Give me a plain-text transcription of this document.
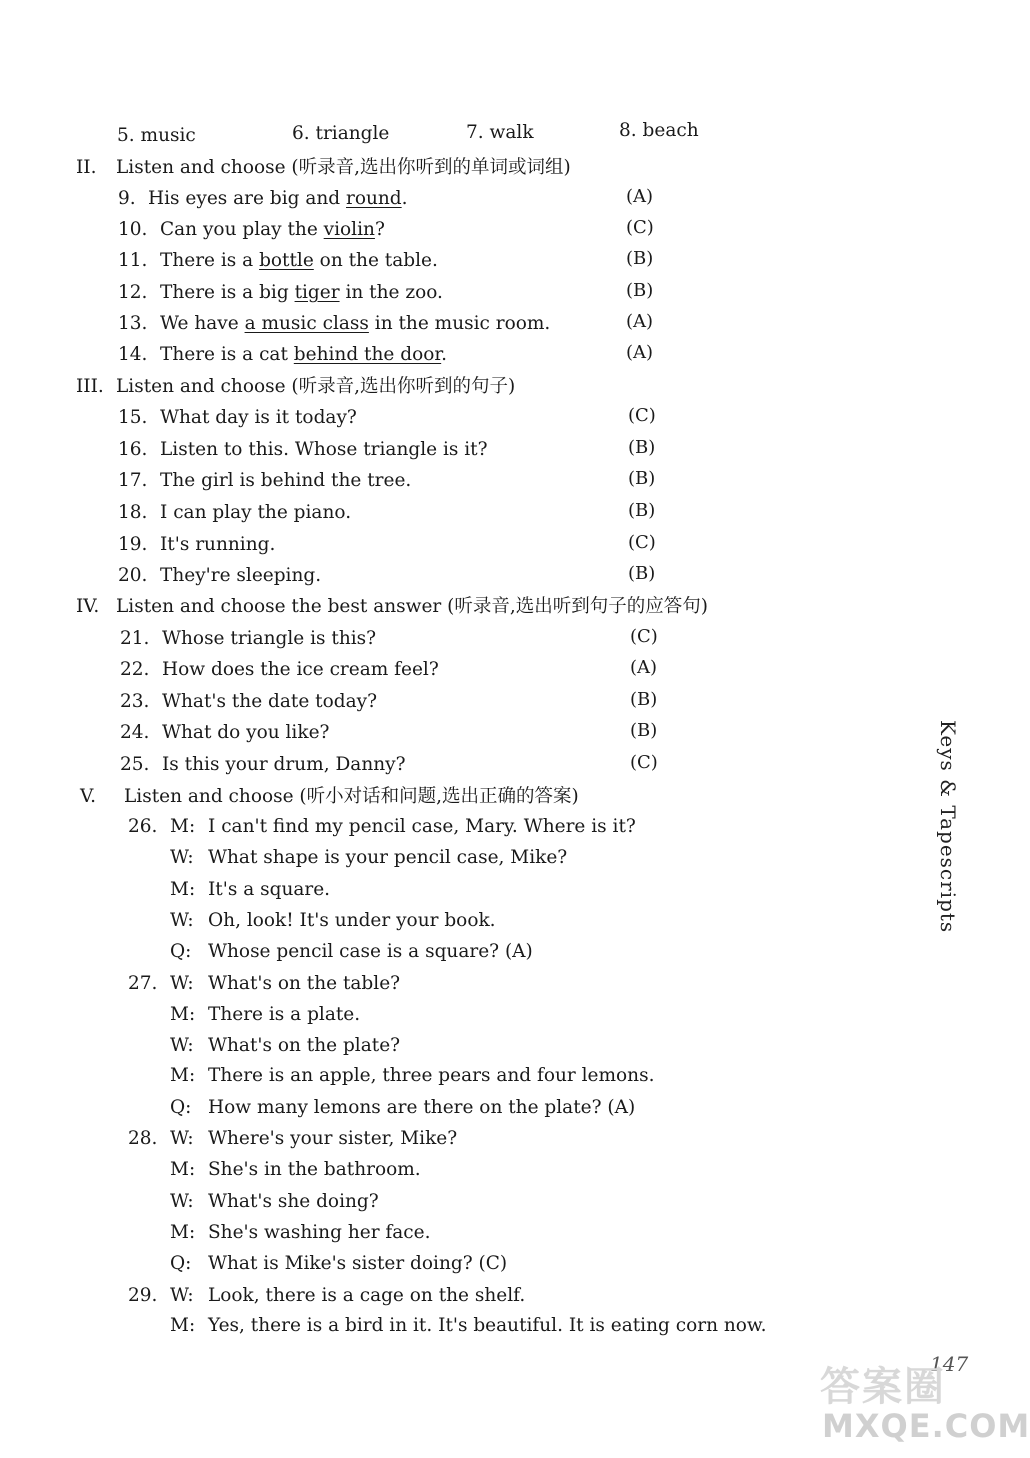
5. music	6. triangle	7. walk	8. beach
II. Listen and choose (听录音,选出你听到的单词或词组)
9. His eyes are big and round.	(A)
10. Can you play the violin?	(C)
11. There is a bottle on the table.	(B)
12. There is a big tiger in the zoo.	(B)
13. We have a music class in the music room.	(A)
14. There is a cat behind the door.	(A)
III. Listen and choose (听录音,选出你听到的句子)
15. What day is it today?	(C)
16. Listen to this. Whose triangle is it?	(B)
17. The girl is behind the tree.	(B)
18. I can play the piano.	(B)
19. It's running.	(C)
20. They're sleeping.	(B)
IV. Listen and choose the best answer (听录音,选出听到句子的应答句)
21. Whose triangle is this?	(C)
22. How does the ice cream feel?	(A)
23. What's the date today?	(B)
24. What do you like?	(B)
25. Is this your drum, Danny?	(C)
V. Listen and choose (听小对话和问题,选出正确的答案)
26. M: I can't find my pencil case, Mary. Where is it?
W: What shape is your pencil case, Mike?
M: It's a square.
W: Oh, look! It's under your book.
Q: Whose pencil case is a square? (A)
27. W: What's on the table?
M: There is a plate.
W: What's on the plate?
M: There is an apple, three pears and four lemons.
Q: How many lemons are there on the plate? (A)
28. W: Where's your sister, Mike?
M: She's in the bathroom.
W: What's she doing?
M: She's washing her face.
Q: What is Mike's sister doing? (C)
29. W: Look, there is a cage on the shelf.
M: Yes, there is a bird in it. It's beautiful. It is eating corn now.
Keys & Tapescripts
147
答案圈
MXQE.COM
